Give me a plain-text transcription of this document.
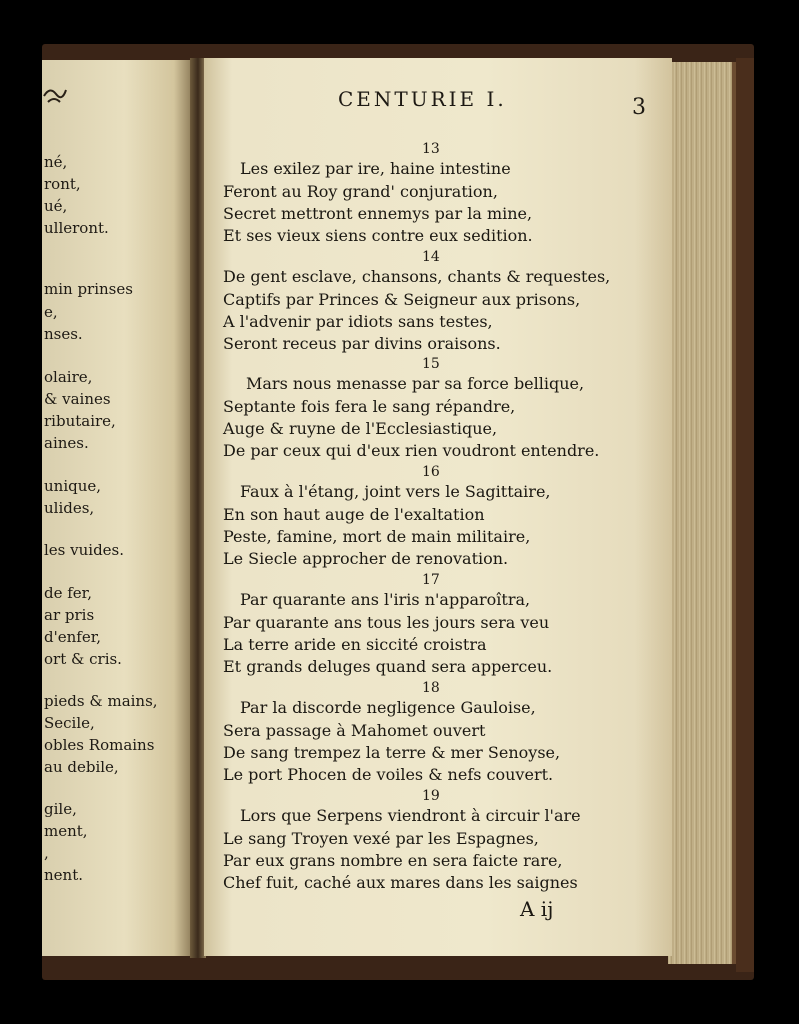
né,
ront,
ué,
ulleront.
min prinses
e,
nses.
olaire,
& vaines
ributaire,
aines.
unique,
ulides,
les vuides.
de fer,
ar pris
d'enfer,
ort & cris.
pieds & mains,
Secile,
obles Romains
au debile,
gile,
ment,
,
nent.
CENTURIE I.	3
13
Les exilez par ire, haine intestine
Feront au Roy grand' conjuration,
Secret mettront ennemys par la mine,
Et ses vieux siens contre eux sedition.
14
De gent esclave, chansons, chants & requestes,
Captifs par Princes & Seigneur aux prisons,
A l'advenir par idiots sans testes,
Seront receus par divins oraisons.
15
Mars nous menasse par sa force bellique,
Septante fois fera le sang répandre,
Auge & ruyne de l'Ecclesiastique,
De par ceux qui d'eux rien voudront entendre.
16
Faux à l'étang, joint vers le Sagittaire,
En son haut auge de l'exaltation
Peste, famine, mort de main militaire,
Le Siecle approcher de renovation.
17
Par quarante ans l'iris n'apparoîtra,
Par quarante ans tous les jours sera veu
La terre aride en siccité croistra
Et grands deluges quand sera apperceu.
18
Par la discorde negligence Gauloise,
Sera passage à Mahomet ouvert
De sang trempez la terre & mer Senoyse,
Le port Phocen de voiles & nefs couvert.
19
Lors que Serpens viendront à circuir l'are
Le sang Troyen vexé par les Espagnes,
Par eux grans nombre en sera faicte rare,
Chef fuit, caché aux mares dans les saignes
A ij
